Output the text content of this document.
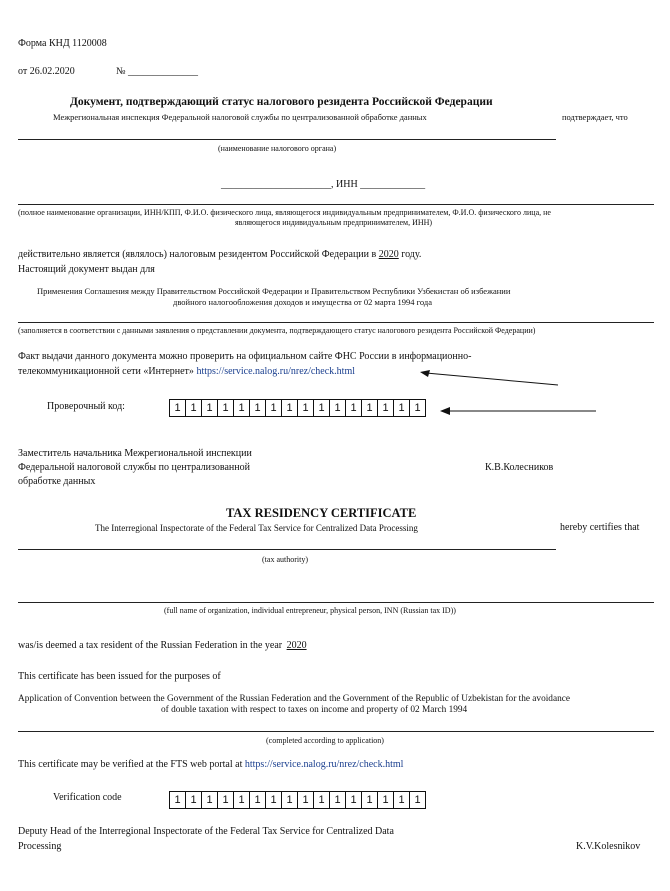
Форма КНД 1120008
от 26.02.2020	№ ______________
Документ, подтверждающий статус налогового резидента Российской Федерации
Межрегиональная инспекция Федеральной налоговой службы по централизованной обработке данных	подтверждает, что
(наименование налогового органа)
______________________, ИНН _____________
(полное наименование организации, ИНН/КПП, Ф.И.О. физического лица, являющегося индивидуальным предпринимателем, Ф.И.О. физического лица, не
являющегося индивидуальным предпринимателем, ИНН)
действительно является (являлось) налоговым резидентом Российской Федерации в 2020 году.
Настоящий документ выдан для
Применения Соглашения между Правительством Российской Федерации и Правительством Республики Узбекистан об избежании
двойного налогообложения доходов и имущества от 02 марта 1994 года
(заполняется в соответствии с данными заявления о представлении документа, подтверждающего статус налогового резидента Российской Федерации)
Факт выдачи данного документа можно проверить на официальном сайте ФНС России в информационно-
телекоммуникационной сети «Интернет» https://service.nalog.ru/nrez/check.html
Проверочный код:	1 1 1 1 1 1 1 1 1 1 1 1 1 1 1 1
Заместитель начальника Межрегиональной инспекции
Федеральной налоговой службы по централизованной
обработке данных
К.В.Колесников
TAX RESIDENCY CERTIFICATE
The Interregional Inspectorate of the Federal Tax Service for Centralized Data Processing	hereby certifies that
(tax authority)
(full name of organization, individual entrepreneur, physical person, INN (Russian tax ID))
was/is deemed a tax resident of the Russian Federation in the year 2020
This certificate has been issued for the purposes of
Application of Convention between the Government of the Russian Federation and the Government of the Republic of Uzbekistan for the avoidance
of double taxation with respect to taxes on income and property of 02 March 1994
(completed according to application)
This certificate may be verified at the FTS web portal at https://service.nalog.ru/nrez/check.html
Verification code	1 1 1 1 1 1 1 1 1 1 1 1 1 1 1 1
Deputy Head of the Interregional Inspectorate of the Federal Tax Service for Centralized Data
Processing	K.V.Kolesnikov
